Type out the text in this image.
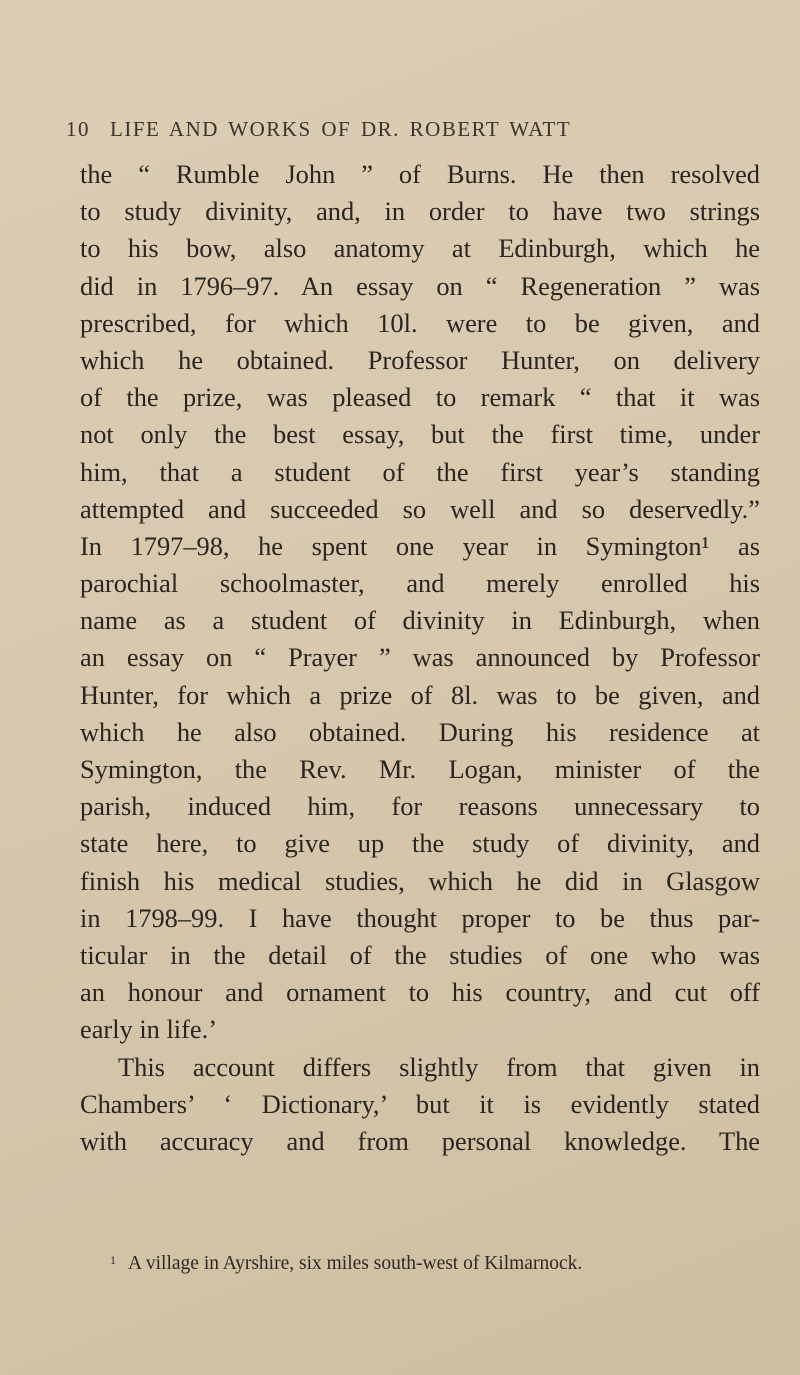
10 LIFE AND WORKS OF DR. ROBERT WATT
the “ Rumble John ” of Burns. He then resolved
to study divinity, and, in order to have two strings
to his bow, also anatomy at Edinburgh, which he
did in 1796–97. An essay on “ Regeneration ” was
prescribed, for which 10l. were to be given, and
which he obtained. Professor Hunter, on delivery
of the prize, was pleased to remark “ that it was
not only the best essay, but the first time, under
him, that a student of the first year’s standing
attempted and succeeded so well and so deservedly.”
In 1797–98, he spent one year in Symington¹ as
parochial schoolmaster, and merely enrolled his
name as a student of divinity in Edinburgh, when
an essay on “ Prayer ” was announced by Professor
Hunter, for which a prize of 8l. was to be given, and
which he also obtained. During his residence at
Symington, the Rev. Mr. Logan, minister of the
parish, induced him, for reasons unnecessary to
state here, to give up the study of divinity, and
finish his medical studies, which he did in Glasgow
in 1798–99. I have thought proper to be thus par-
ticular in the detail of the studies of one who was
an honour and ornament to his country, and cut off
early in life.’
This account differs slightly from that given in
Chambers’ ‘ Dictionary,’ but it is evidently stated
with accuracy and from personal knowledge. The
$^1$ A village in Ayrshire, six miles south-west of Kilmarnock.
